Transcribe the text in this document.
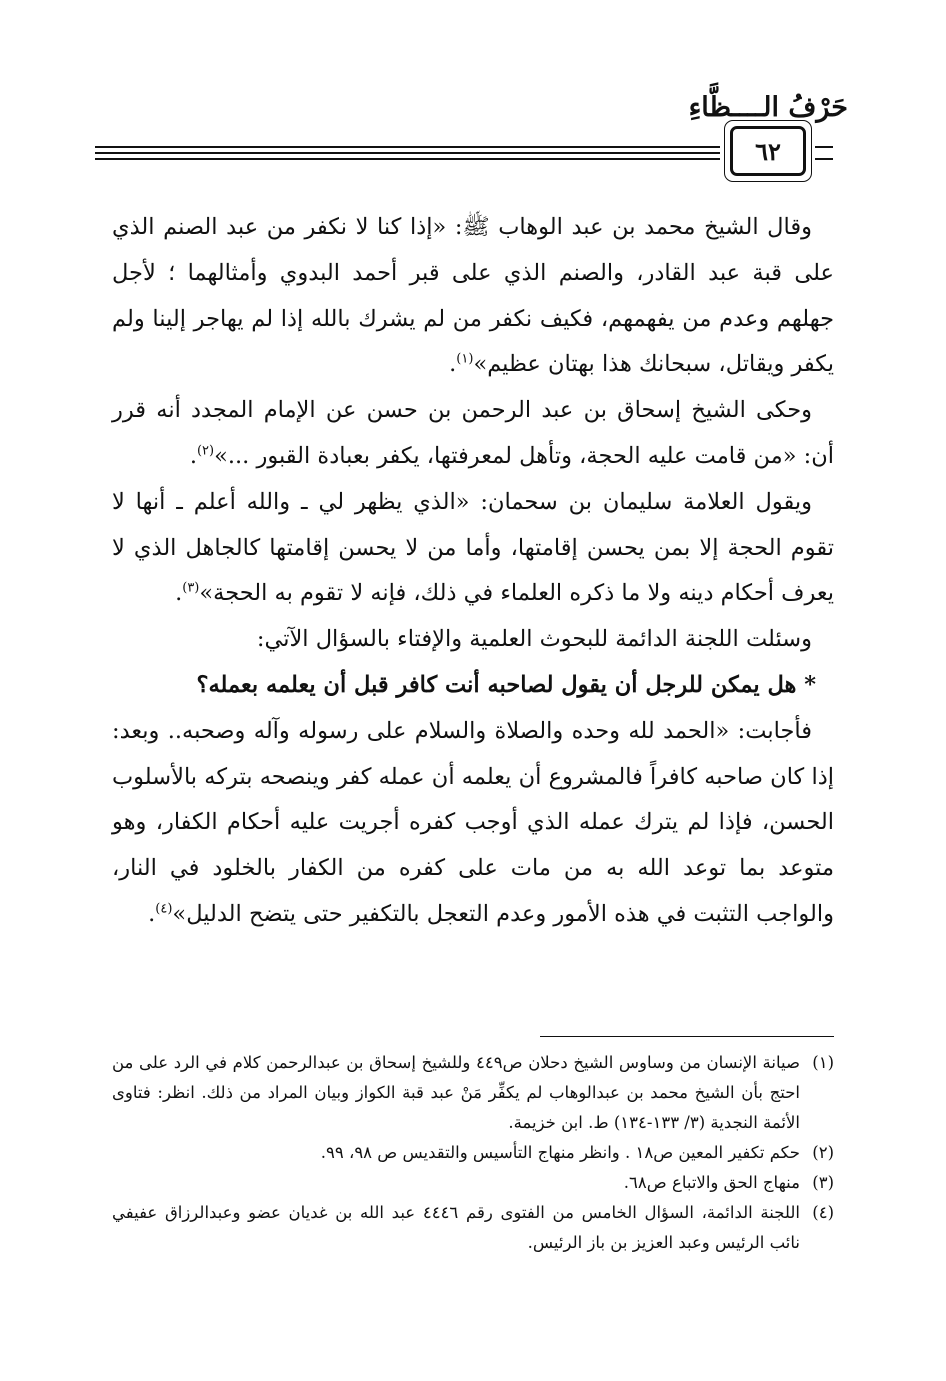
حَرْفُ الــــظَّاءِ
٦٢

وقال الشيخ محمد بن عبد الوهاب ﷺ: «إذا كنا لا نكفر من عبد الصنم الذي على قبة عبد القادر، والصنم الذي على قبر أحمد البدوي وأمثالهما ؛ لأجل جهلهم وعدم من يفهمهم، فكيف نكفر من لم يشرك بالله إذا لم يهاجر إلينا ولم يكفر ويقاتل، سبحانك هذا بهتان عظيم»$^{(١)}$.

وحكى الشيخ إسحاق بن عبد الرحمن بن حسن عن الإمام المجدد أنه قرر أن: «من قامت عليه الحجة، وتأهل لمعرفتها، يكفر بعبادة القبور ...»$^{(٢)}$.

ويقول العلامة سليمان بن سحمان: «الذي يظهر لي ـ والله أعلم ـ أنها لا تقوم الحجة إلا بمن يحسن إقامتها، وأما من لا يحسن إقامتها كالجاهل الذي لا يعرف أحكام دينه ولا ما ذكره العلماء في ذلك، فإنه لا تقوم به الحجة»$^{(٣)}$.

وسئلت اللجنة الدائمة للبحوث العلمية والإفتاء بالسؤال الآتي:

* هل يمكن للرجل أن يقول لصاحبه أنت كافر قبل أن يعلمه بعمله؟

فأجابت: «الحمد لله وحده والصلاة والسلام على رسوله وآله وصحبه.. وبعد: إذا كان صاحبه كافراً فالمشروع أن يعلمه أن عمله كفر وينصحه بتركه بالأسلوب الحسن، فإذا لم يترك عمله الذي أوجب كفره أجريت عليه أحكام الكفار، وهو متوعد بما توعد الله به من مات على كفره من الكفار بالخلود في النار، والواجب التثبت في هذه الأمور وعدم التعجل بالتكفير حتى يتضح الدليل»$^{(٤)}$.

(١)
صيانة الإنسان من وساوس الشيخ دحلان ص٤٤٩ وللشيخ إسحاق بن عبدالرحمن كلام في الرد على من احتج بأن الشيخ محمد بن عبدالوهاب لم يكفِّر مَنْ عبد قبة الكواز وبيان المراد من ذلك. انظر: فتاوى الأئمة النجدية (٣/ ١٣٣-١٣٤) ط. ابن خزيمة.

(٢)
حكم تكفير المعين ص١٨ . وانظر منهاج التأسيس والتقديس ص ٩٨، ٩٩.

(٣)
منهاج الحق والاتباع ص٦٨.

(٤)
اللجنة الدائمة، السؤال الخامس من الفتوى رقم ٤٤٤٦ عبد الله بن غديان عضو وعبدالرزاق عفيفي نائب الرئيس وعبد العزيز بن باز الرئيس.
